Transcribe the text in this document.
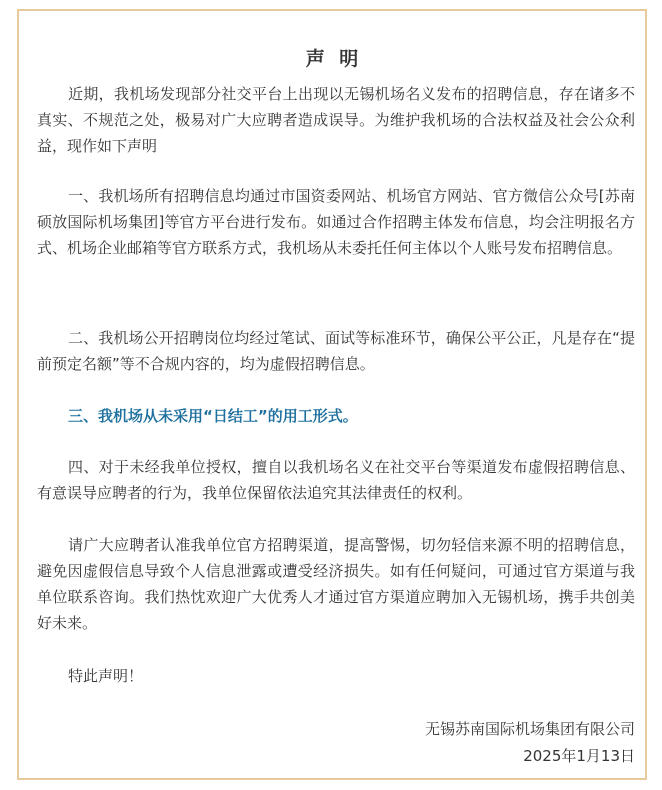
声 明
近期，我机场发现部分社交平台上出现以无锡机场名义发布的招聘信息，存在诸多不真实、不规范之处，极易对广大应聘者造成误导。为维护我机场的合法权益及社会公众利益，现作如下声明
一、我机场所有招聘信息均通过市国资委网站、机场官方网站、官方微信公众号[苏南硕放国际机场集团]等官方平台进行发布。如通过合作招聘主体发布信息，均会注明报名方式、机场企业邮箱等官方联系方式，我机场从未委托任何主体以个人账号发布招聘信息。
二、我机场公开招聘岗位均经过笔试、面试等标准环节，确保公平公正，凡是存在“提前预定名额”等不合规内容的，均为虚假招聘信息。
三、我机场从未采用“日结工”的用工形式。
四、对于未经我单位授权，擅自以我机场名义在社交平台等渠道发布虚假招聘信息、有意误导应聘者的行为，我单位保留依法追究其法律责任的权利。
请广大应聘者认准我单位官方招聘渠道，提高警惕，切勿轻信来源不明的招聘信息，避免因虚假信息导致个人信息泄露或遭受经济损失。如有任何疑问，可通过官方渠道与我单位联系咨询。我们热忱欢迎广大优秀人才通过官方渠道应聘加入无锡机场，携手共创美好未来。
特此声明！
无锡苏南国际机场集团有限公司
2025年1月13日
